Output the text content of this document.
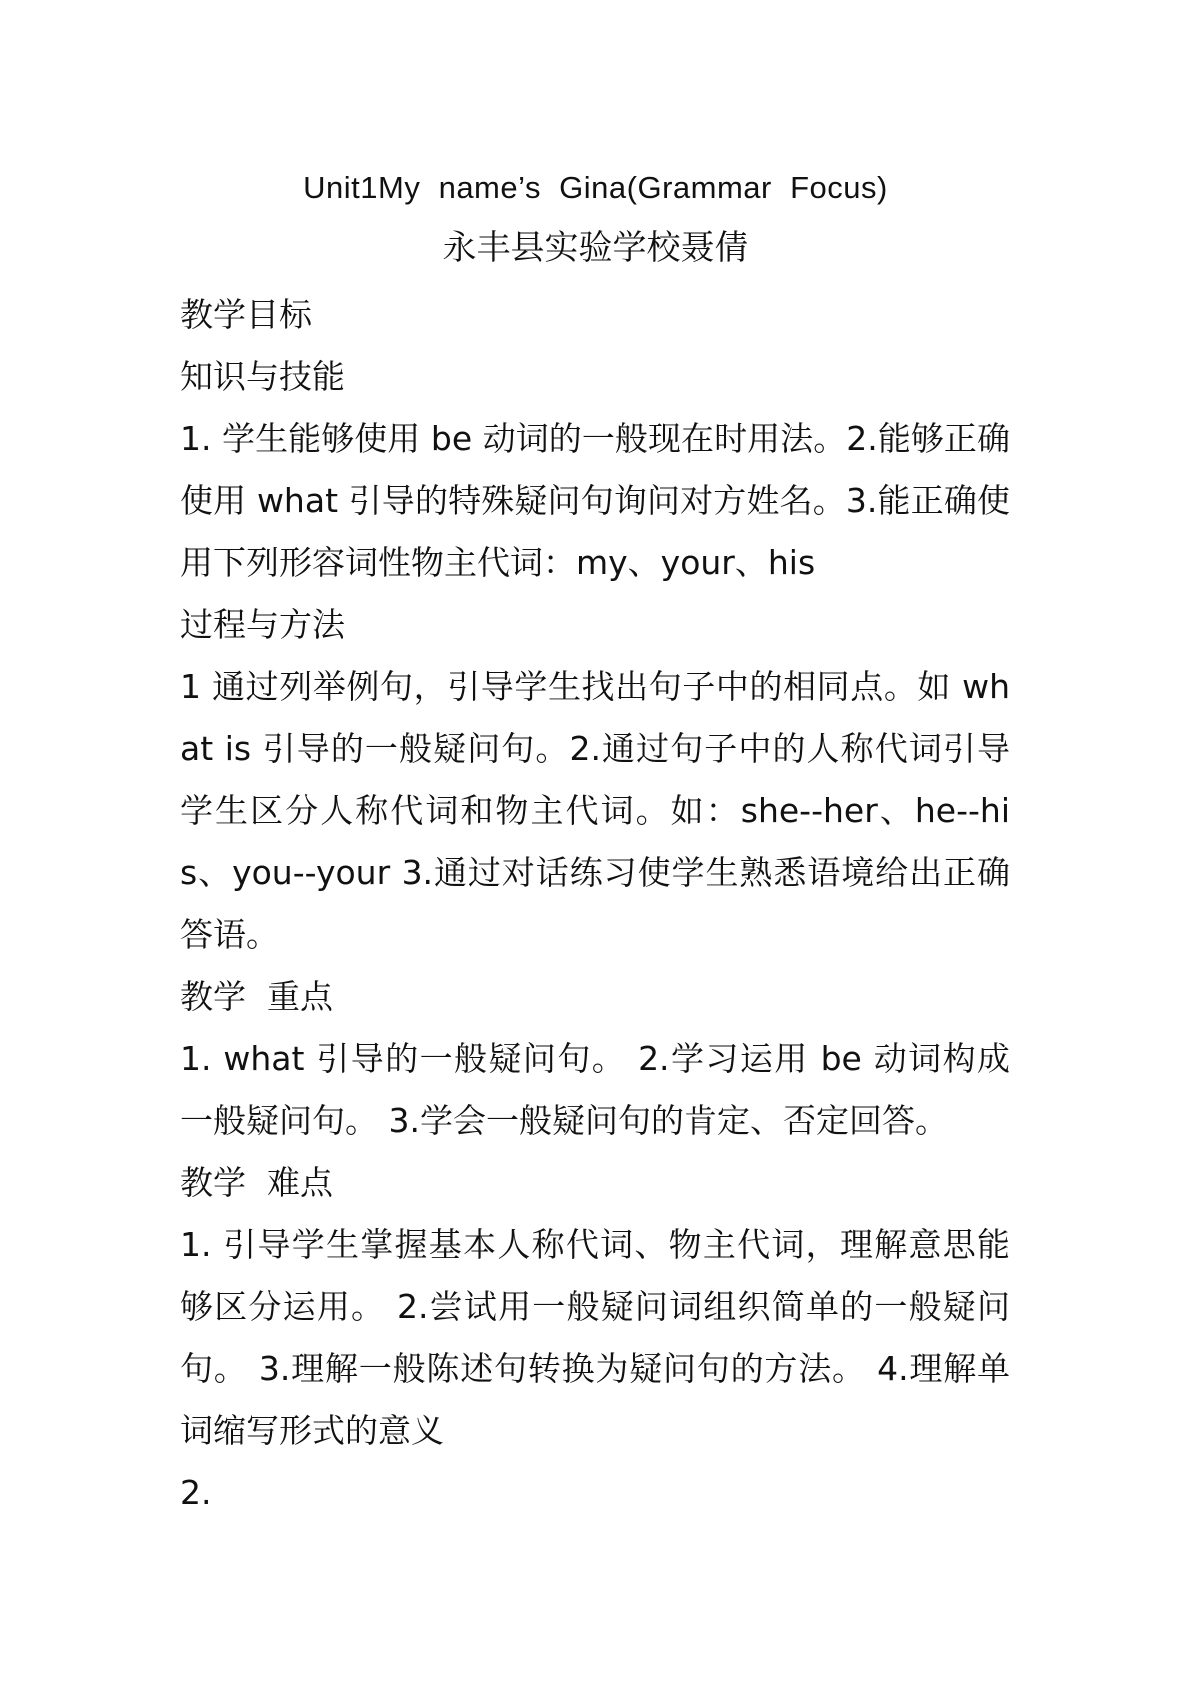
Unit1My  name’s  Gina(Grammar  Focus)
永丰县实验学校聂倩

教学目标

知识与技能

1. 学生能够使用 be 动词的一般现在时用法。2.能够正确使用 what 引导的特殊疑问句询问对方姓名。3.能正确使用下列形容词性物主代词：my、your、his

过程与方法

1 通过列举例句，引导学生找出句子中的相同点。如 what is 引导的一般疑问句。2.通过句子中的人称代词引导学生区分人称代词和物主代词。如：she--her、he--his、you--your 3.通过对话练习使学生熟悉语境给出正确答语。

教学  重点

1. what 引导的一般疑问句。 2.学习运用 be 动词构成一般疑问句。 3.学会一般疑问句的肯定、否定回答。

教学  难点

1. 引导学生掌握基本人称代词、物主代词，理解意思能够区分运用。 2.尝试用一般疑问词组织简单的一般疑问句。 3.理解一般陈述句转换为疑问句的方法。 4.理解单词缩写形式的意义

2.
